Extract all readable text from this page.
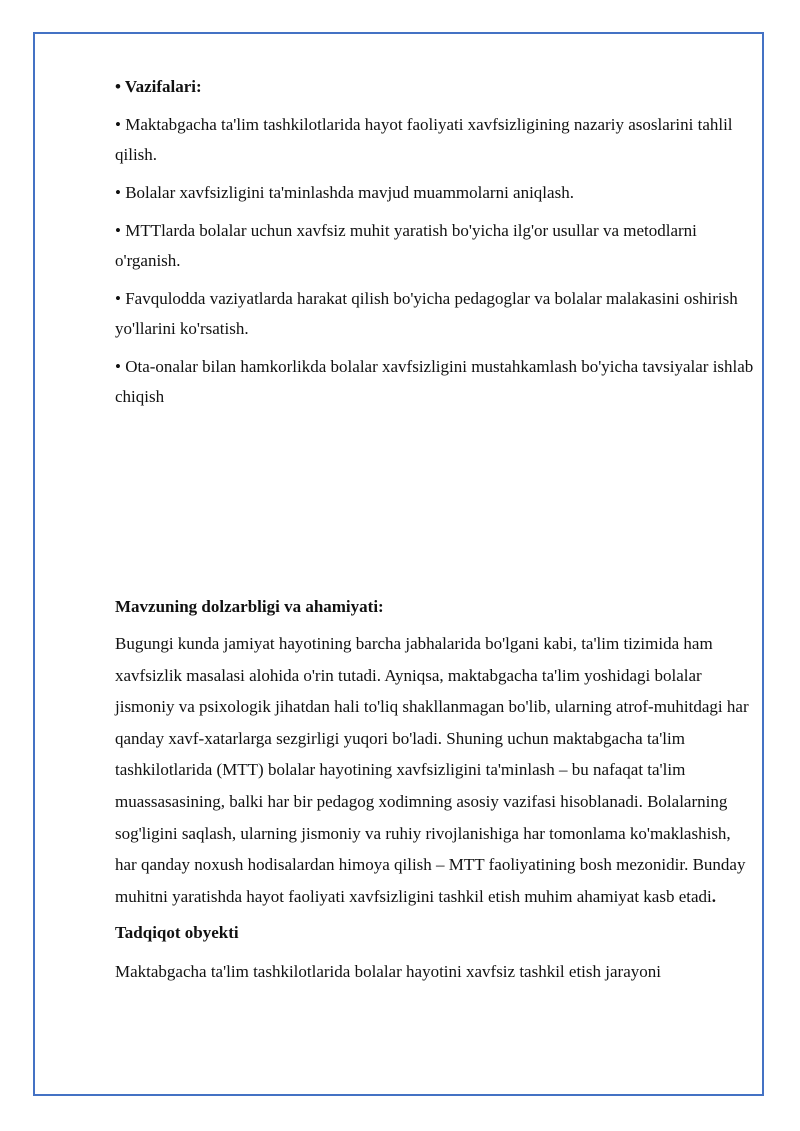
• Vazifalari:

• Maktabgacha ta'lim tashkilotlarida hayot faoliyati xavfsizligining nazariy asoslarini tahlil qilish.

• Bolalar xavfsizligini ta'minlashda mavjud muammolarni aniqlash.

• MTTlarda bolalar uchun xavfsiz muhit yaratish bo'yicha ilg'or usullar va metodlarni o'rganish.

• Favqulodda vaziyatlarda harakat qilish bo'yicha pedagoglar va bolalar malakasini oshirish yo'llarini ko'rsatish.

• Ota-onalar bilan hamkorlikda bolalar xavfsizligini mustahkamlash bo'yicha tavsiyalar ishlab chiqish

Mavzuning dolzarbligi va ahamiyati:

Bugungi kunda jamiyat hayotining barcha jabhalarida bo'lgani kabi, ta'lim tizimida ham xavfsizlik masalasi alohida o'rin tutadi. Ayniqsa, maktabgacha ta'lim yoshidagi bolalar jismoniy va psixologik jihatdan hali to'liq shakllanmagan bo'lib, ularning atrof-muhitdagi har qanday xavf-xatarlarga sezgirligi yuqori bo'ladi. Shuning uchun maktabgacha ta'lim tashkilotlarida (MTT) bolalar hayotining xavfsizligini ta'minlash – bu nafaqat ta'lim muassasasining, balki har bir pedagog xodimning asosiy vazifasi hisoblanadi. Bolalarning sog'ligini saqlash, ularning jismoniy va ruhiy rivojlanishiga har tomonlama ko'maklashish, har qanday noxush hodisalardan himoya qilish – MTT faoliyatining bosh mezonidir. Bunday muhitni yaratishda hayot faoliyati xavfsizligini tashkil etish muhim ahamiyat kasb etadi.

Tadqiqot obyekti

Maktabgacha ta'lim tashkilotlarida bolalar hayotini xavfsiz tashkil etish jarayoni
